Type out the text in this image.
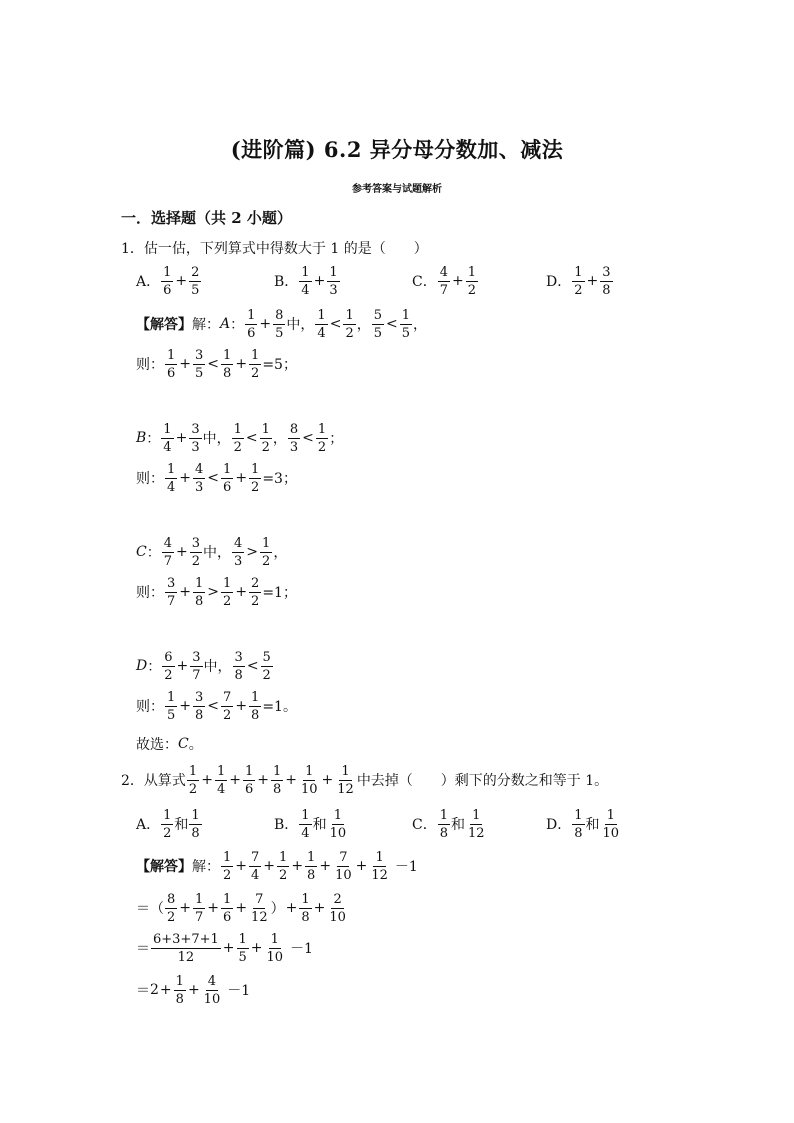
(进阶篇) 6.2 异分母分数加、减法
参考答案与试题解析
一．选择题（共 2 小题）
1．估一估，下列算式中得数大于 1 的是（　　）
A． $\frac{1}{6} + \frac{2}{5}$	B． $\frac{1}{4} + \frac{1}{3}$	C． $\frac{4}{7} + \frac{1}{2}$	D． $\frac{1}{2} + \frac{3}{8}$
【解答】 解： A ： $\frac{1}{6} + \frac{8}{5}$ 中， $\frac{1}{4} < \frac{1}{2}$ ， $\frac{5}{5} < \frac{1}{5}$ ，
则： $\frac{1}{6} + \frac{3}{5} < \frac{1}{8} + \frac{1}{2} =5$；
B ： $\frac{1}{4} + \frac{3}{3}$ 中， $\frac{1}{2} < \frac{1}{2}$ ， $\frac{8}{3} < \frac{1}{2}$ ；
则： $\frac{1}{4} + \frac{4}{3} < \frac{1}{6} + \frac{1}{2} =3$；
C ： $\frac{4}{7} + \frac{3}{2}$ 中， $\frac{4}{3} > \frac{1}{2}$ ，
则： $\frac{3}{7} + \frac{1}{8} > \frac{1}{2} + \frac{2}{2} =1$；
D ： $\frac{6}{2} + \frac{3}{7}$ 中， $\frac{3}{8} < \frac{5}{2}$
则： $\frac{1}{5} + \frac{3}{8} < \frac{7}{2} + \frac{1}{8} =1$。
故选： C 。
2．从算式 $\frac{1}{2} + \frac{1}{4} + \frac{1}{6} + \frac{1}{8} + \frac{1}{10} + \frac{1}{12}$ 中去掉（　　）剩下的分数之和等于 1。
A． $\frac{1}{2}$ 和 $\frac{1}{8}$	B． $\frac{1}{4}$ 和 $\frac{1}{10}$	C． $\frac{1}{8}$ 和 $\frac{1}{12}$	D． $\frac{1}{8}$ 和 $\frac{1}{10}$
【解答】 解： $\frac{1}{2} + \frac{7}{4} + \frac{1}{2} + \frac{1}{8} + \frac{7}{10} + \frac{1}{12} -1$
＝（ $\frac{8}{2} + \frac{1}{7} + \frac{1}{6} + \frac{7}{12}$ ） + $\frac{1}{8} + \frac{2}{10}$
＝ $\frac{6+3+7+1}{12} + \frac{1}{5} + \frac{1}{10} -1$
＝ $2 + \frac{1}{8} + \frac{4}{10} -1$
